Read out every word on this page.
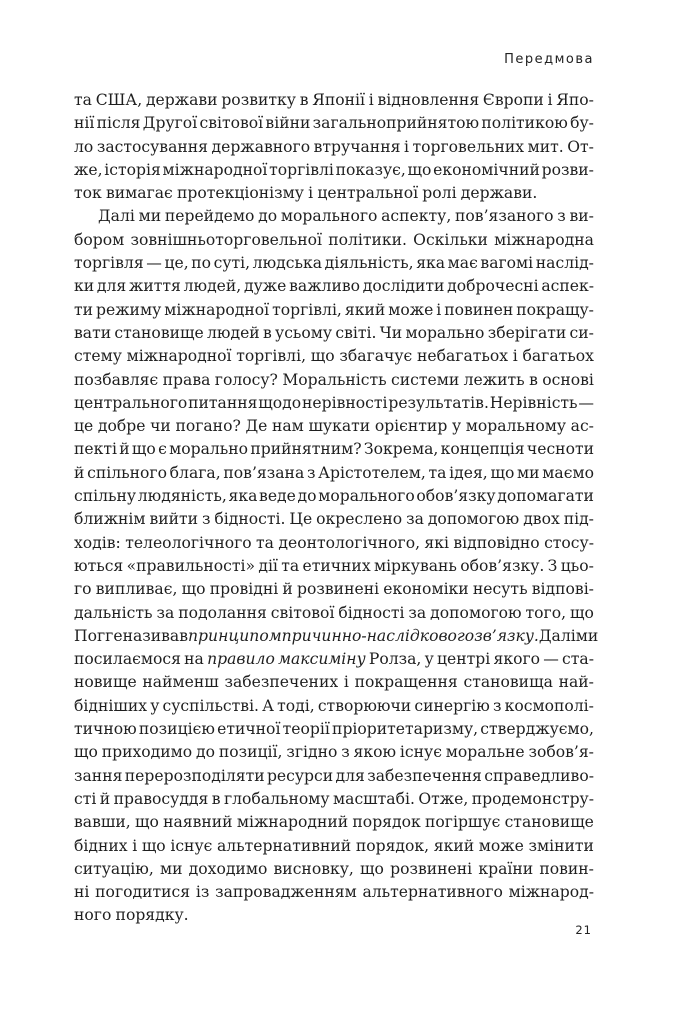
Передмова
та США, держави розвитку в Японії і відновлення Європи і Япо-
нії після Другої світової війни загальноприйнятою політикою бу-
ло застосування державного втручання і торговельних мит. От-
же, історія міжнародної торгівлі показує, що економічний розви-
ток вимагає протекціонізму і центральної ролі держави.
Далі ми перейдемо до морального аспекту, пов’язаного з ви-
бором зовнішньоторговельної політики. Оскільки міжнародна
торгівля — це, по суті, людська діяльність, яка має вагомі наслід-
ки для життя людей, дуже важливо дослідити доброчесні аспек-
ти режиму міжнародної торгівлі, який може і повинен покращу-
вати становище людей в усьому світі. Чи морально зберігати си-
стему міжнародної торгівлі, що збагачує небагатьох і багатьох
позбавляє права голосу? Моральність системи лежить в основі
центрального питання щодо нерівності результатів. Нерівність —
це добре чи погано? Де нам шукати орієнтир у моральному ас-
пекті й що є морально прийнятним? Зокрема, концепція чесноти
й спільного блага, пов’язана з Арістотелем, та ідея, що ми маємо
спільну людяність, яка веде до морального обов’язку допомагати
ближнім вийти з бідності. Це окреслено за допомогою двох під-
ходів: телеологічного та деонтологічного, які відповідно стосу-
ються «правильності» дії та етичних міркувань обов’язку. З цьо-
го випливає, що провідні й розвинені економіки несуть відпові-
дальність за подолання світової бідності за допомогою того, що
Погге називав принципом причинно-наслідкового зв’язку. Далі ми
посилаємося на правило максиміну Ролза, у центрі якого — ста-
новище найменш забезпечених і покращення становища най-
бідніших у суспільстві. А тоді, створюючи синергію з космополі-
тичною позицією етичної теорії пріоритетаризму, стверджуємо,
що приходимо до позиції, згідно з якою існує моральне зобов’я-
зання перерозподіляти ресурси для забезпечення справедливо-
сті й правосуддя в глобальному масштабі. Отже, продемонстру-
вавши, що наявний міжнародний порядок погіршує становище
бідних і що існує альтернативний порядок, який може змінити
ситуацію, ми доходимо висновку, що розвинені країни повин-
ні погодитися із запровадженням альтернативного міжнарод-
ного порядку.
21
